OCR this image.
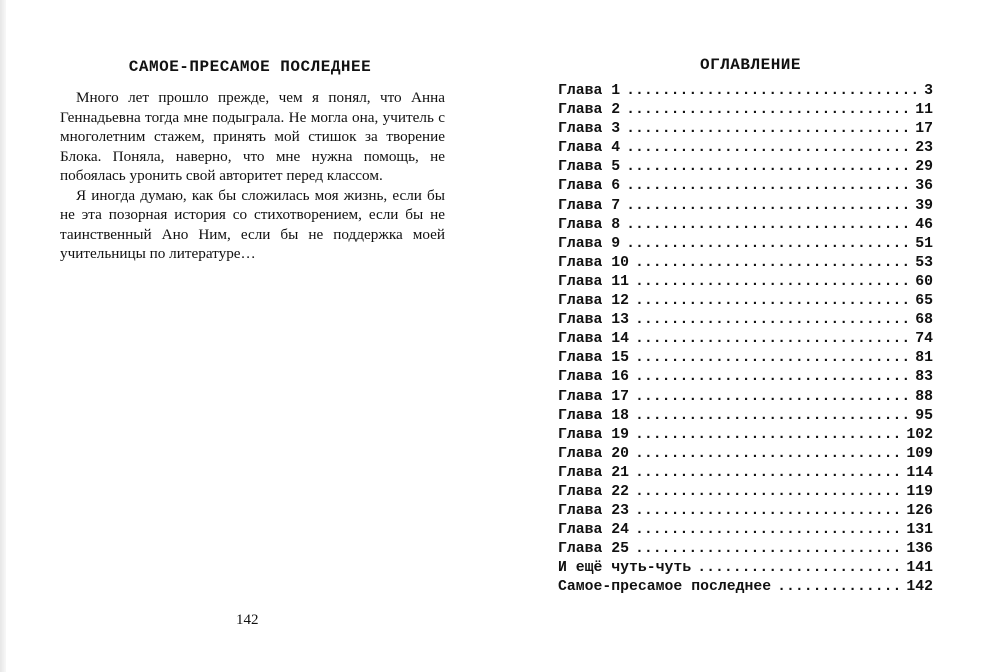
САМОЕ-ПРЕСАМОЕ ПОСЛЕДНЕЕ

Много лет прошло прежде, чем я понял, что Анна Геннадьевна тогда мне подыграла. Не могла она, учитель с многолетним стажем, принять мой стишок за творение Блока. Поняла, наверно, что мне нужна помощь, не побоялась уронить свой авторитет перед классом.

Я иногда думаю, как бы сложилась моя жизнь, если бы не эта позорная история со стихотворением, если бы не таинственный Ано Ним, если бы не поддержка моей учительницы по литературе…

142
ОГЛАВЛЕНИЕ
Глава 1 .....	3
Глава 2 .....	11
Глава 3 .....	17
Глава 4 .....	23
Глава 5 .....	29
Глава 6 .....	36
Глава 7 .....	39
Глава 8 .....	46
Глава 9 .....	51
Глава 10 .....	53
Глава 11 .....	60
Глава 12 .....	65
Глава 13 .....	68
Глава 14 .....	74
Глава 15 .....	81
Глава 16 .....	83
Глава 17 .....	88
Глава 18 .....	95
Глава 19 .....	102
Глава 20 .....	109
Глава 21 .....	114
Глава 22 .....	119
Глава 23 .....	126
Глава 24 .....	131
Глава 25 .....	136
И ещё чуть-чуть .....	141
Самое-пресамое последнее .....	142
